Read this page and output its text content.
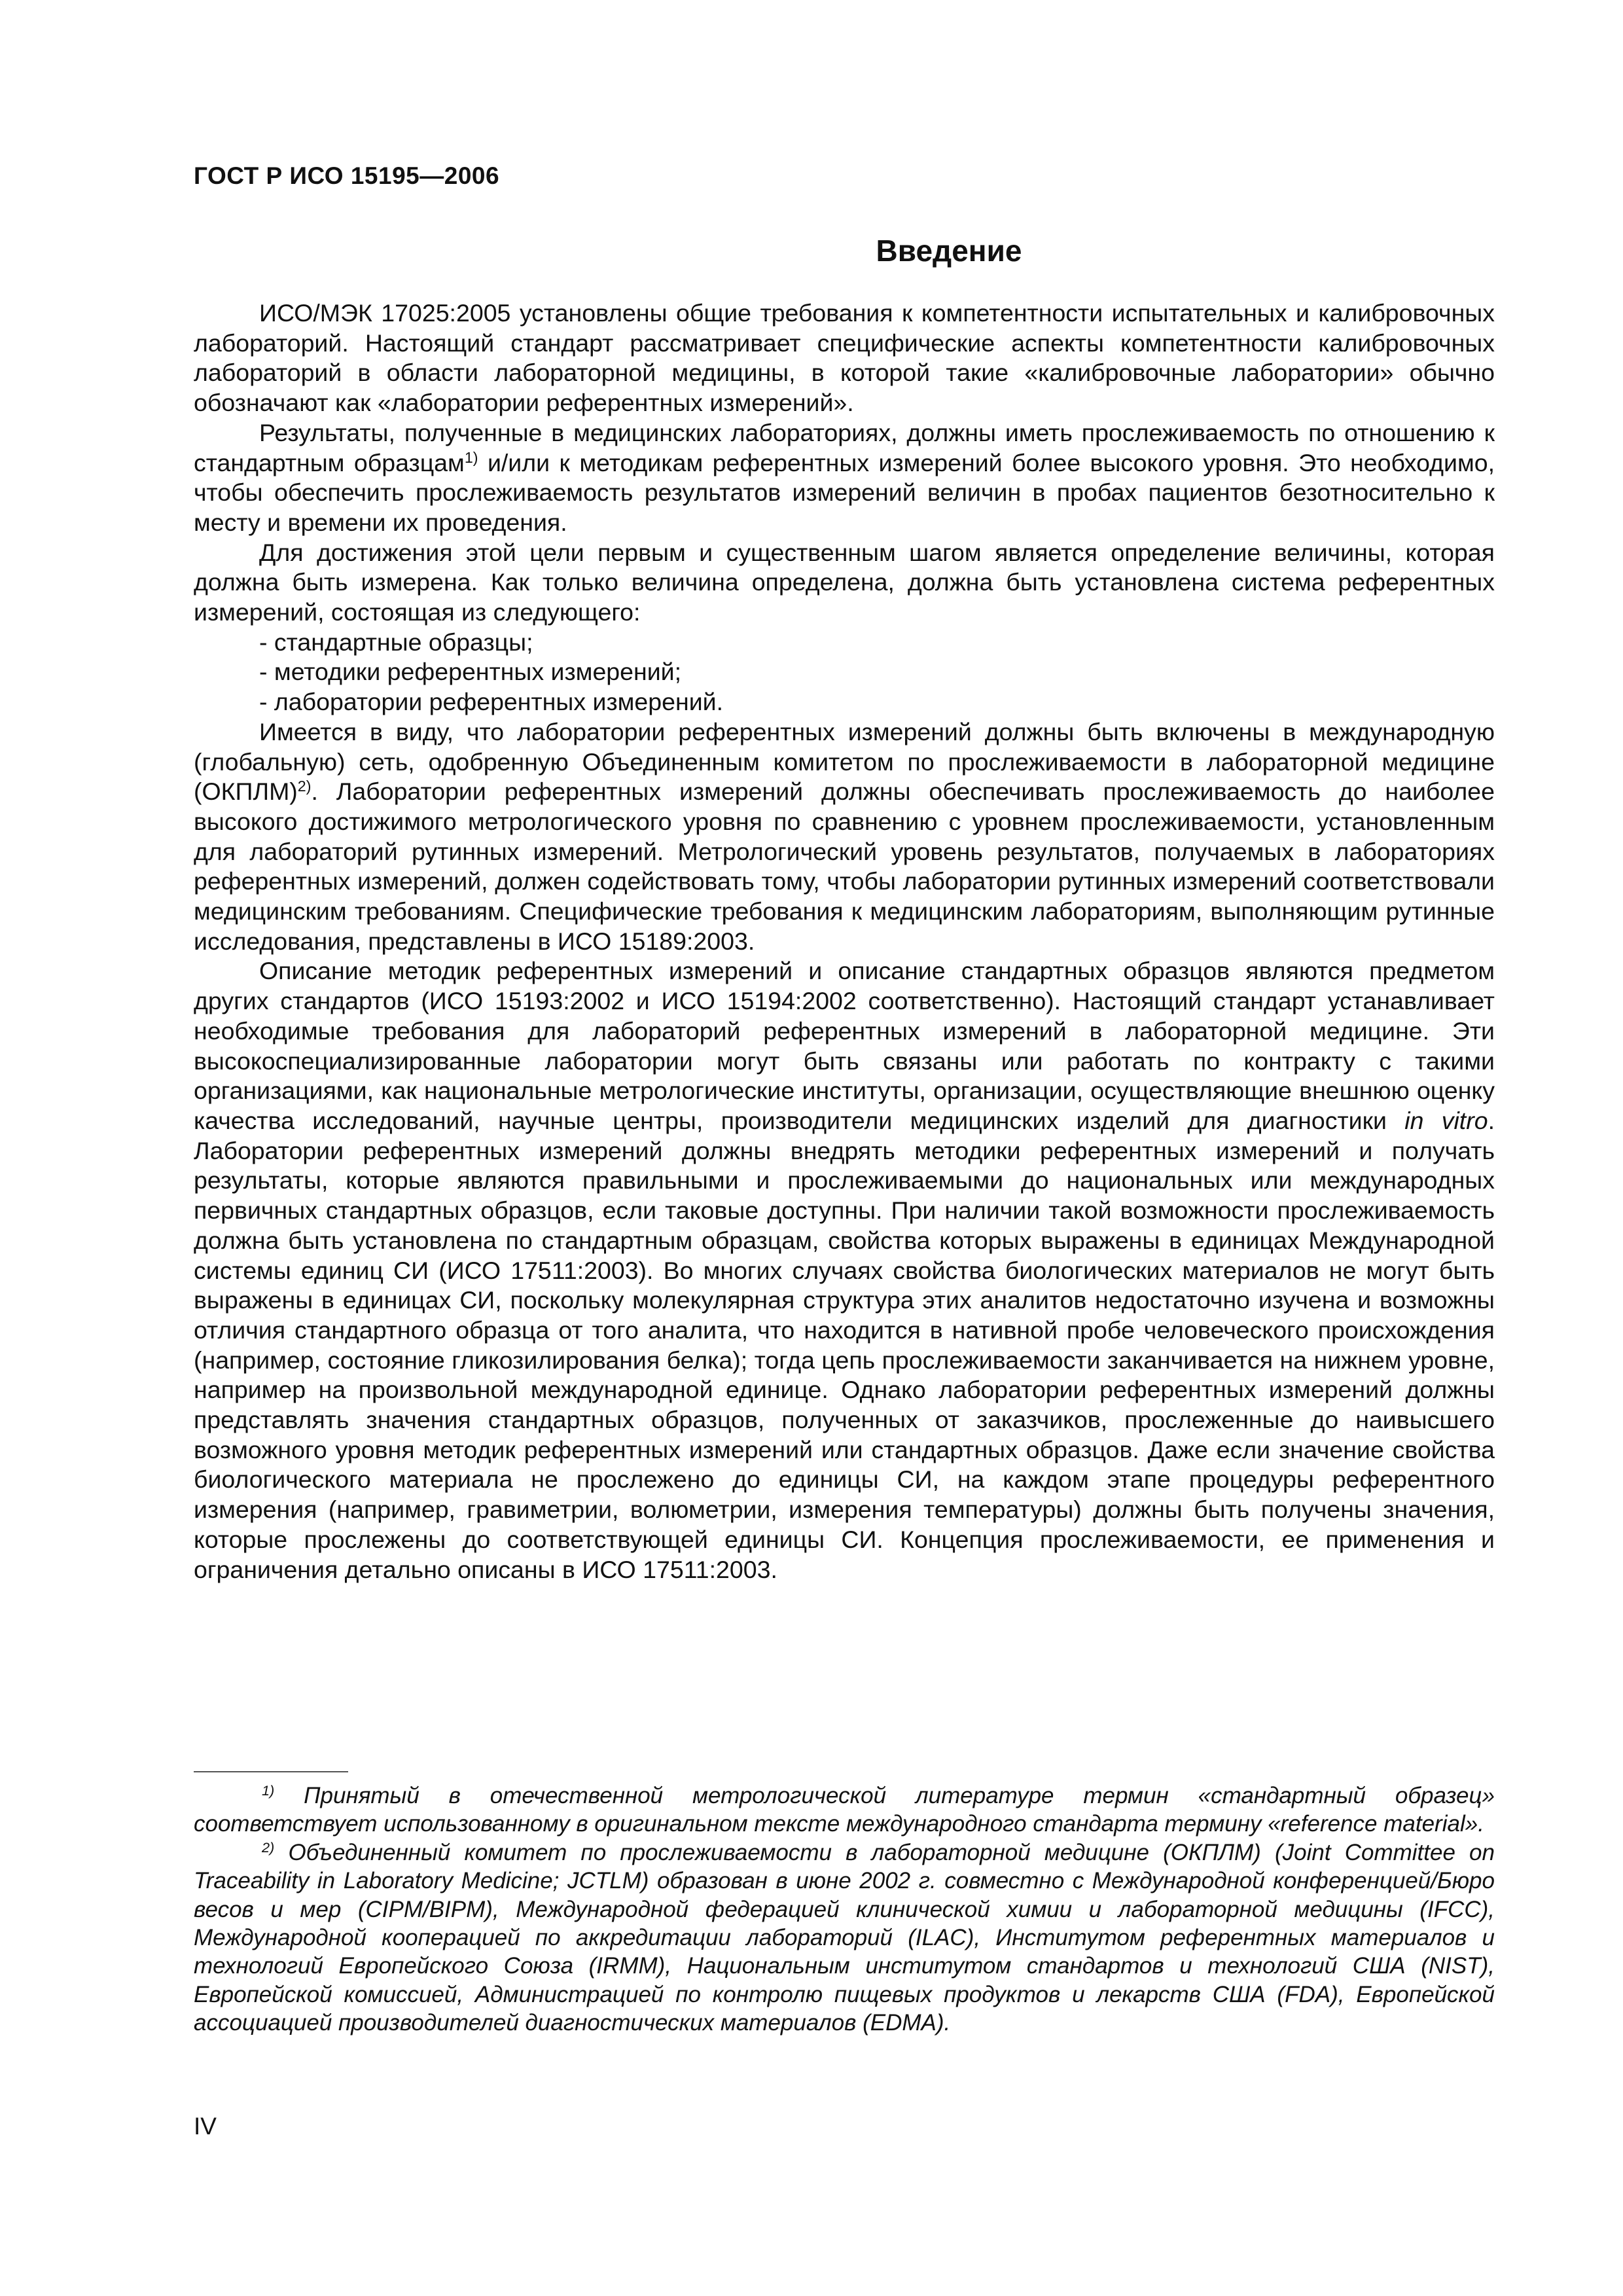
ГОСТ Р ИСО 15195—2006
Введение

ИСО/МЭК 17025:2005 установлены общие требования к компетентности испытательных и калибровочных лабораторий. Настоящий стандарт рассматривает специфические аспекты компетентности калибровочных лабораторий в области лабораторной медицины, в которой такие «калибровочные лаборатории» обычно обозначают как «лаборатории референтных измерений».

Результаты, полученные в медицинских лабораториях, должны иметь прослеживаемость по отношению к стандартным образцам$^{1)}$ и/или к методикам референтных измерений более высокого уровня. Это необходимо, чтобы обеспечить прослеживаемость результатов измерений величин в пробах пациентов безотносительно к месту и времени их проведения.

Для достижения этой цели первым и существенным шагом является определение величины, которая должна быть измерена. Как только величина определена, должна быть установлена система референтных измерений, состоящая из следующего:

- стандартные образцы;

- методики референтных измерений;

- лаборатории референтных измерений.

Имеется в виду, что лаборатории референтных измерений должны быть включены в международную (глобальную) сеть, одобренную Объединенным комитетом по прослеживаемости в лабораторной медицине (ОКПЛМ)$^{2)}$. Лаборатории референтных измерений должны обеспечивать прослеживаемость до наиболее высокого достижимого метрологического уровня по сравнению с уровнем прослеживаемости, установленным для лабораторий рутинных измерений. Метрологический уровень результатов, получаемых в лабораториях референтных измерений, должен содействовать тому, чтобы лаборатории рутинных измерений соответствовали медицинским требованиям. Специфические требования к медицинским лабораториям, выполняющим рутинные исследования, представлены в ИСО 15189:2003.

Описание методик референтных измерений и описание стандартных образцов являются предметом других стандартов (ИСО 15193:2002 и ИСО 15194:2002 соответственно). Настоящий стандарт устанавливает необходимые требования для лабораторий референтных измерений в лабораторной медицине. Эти высокоспециализированные лаборатории могут быть связаны или работать по контракту с такими организациями, как национальные метрологические институты, организации, осуществляющие внешнюю оценку качества исследований, научные центры, производители медицинских изделий для диагностики in vitro. Лаборатории референтных измерений должны внедрять методики референтных измерений и получать результаты, которые являются правильными и прослеживаемыми до национальных или международных первичных стандартных образцов, если таковые доступны. При наличии такой возможности прослеживаемость должна быть установлена по стандартным образцам, свойства которых выражены в единицах Международной системы единиц СИ (ИСО 17511:2003). Во многих случаях свойства биологических материалов не могут быть выражены в единицах СИ, поскольку молекулярная структура этих аналитов недостаточно изучена и возможны отличия стандартного образца от того аналита, что находится в нативной пробе человеческого происхождения (например, состояние гликозилирования белка); тогда цепь прослеживаемости заканчивается на нижнем уровне, например на произвольной международной единице. Однако лаборатории референтных измерений должны представлять значения стандартных образцов, полученных от заказчиков, прослеженные до наивысшего возможного уровня методик референтных измерений или стандартных образцов. Даже если значение свойства биологического материала не прослежено до единицы СИ, на каждом этапе процедуры референтного измерения (например, гравиметрии, волюметрии, измерения температуры) должны быть получены значения, которые прослежены до соответствующей единицы СИ. Концепция прослеживаемости, ее применения и ограничения детально описаны в ИСО 17511:2003.

$^{1)}$ Принятый в отечественной метрологической литературе термин «стандартный образец» соответствует использованному в оригинальном тексте международного стандарта термину «reference material».

$^{2)}$ Объединенный комитет по прослеживаемости в лабораторной медицине (ОКПЛМ) (Joint Committee on Traceability in Laboratory Medicine; JCTLM) образован в июне 2002 г. совместно с Международной конференцией/Бюро весов и мер (CIPM/BIPM), Международной федерацией клинической химии и лабораторной медицины (IFCC), Международной кооперацией по аккредитации лабораторий (ILAC), Институтом референтных материалов и технологий Европейского Союза (IRMM), Национальным институтом стандартов и технологий США (NIST), Европейской комиссией, Администрацией по контролю пищевых продуктов и лекарств США (FDA), Европейской ассоциацией производителей диагностических материалов (EDMA).

IV
